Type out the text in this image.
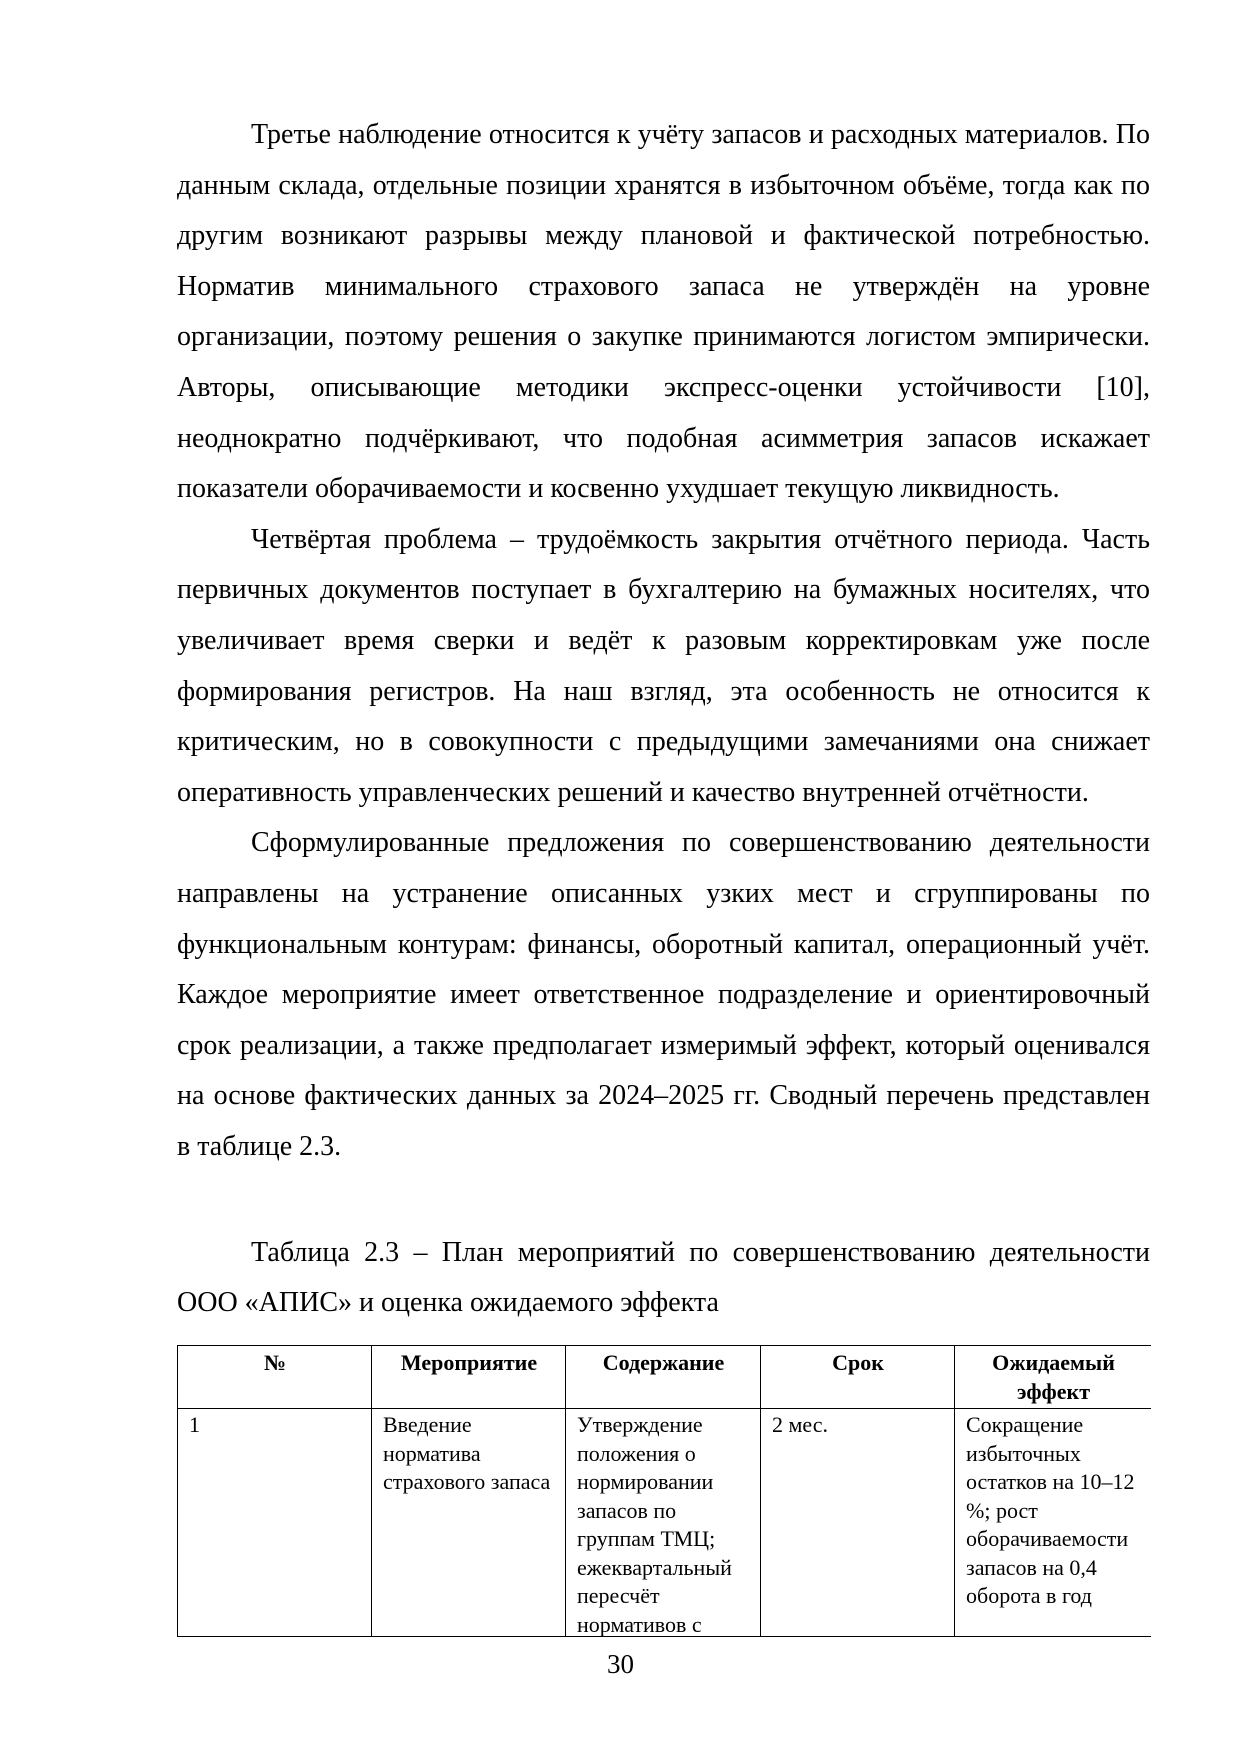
Третье наблюдение относится к учёту запасов и расходных материалов. По данным склада, отдельные позиции хранятся в избыточном объёме, тогда как по другим возникают разрывы между плановой и фактической потребностью. Норматив минимального страхового запаса не утверждён на уровне организации, поэтому решения о закупке принимаются логистом эмпирически. Авторы, описывающие методики экспресс-оценки устойчивости [10], неоднократно подчёркивают, что подобная асимметрия запасов искажает показатели оборачиваемости и косвенно ухудшает текущую ликвидность.

Четвёртая проблема – трудоёмкость закрытия отчётного периода. Часть первичных документов поступает в бухгалтерию на бумажных носителях, что увеличивает время сверки и ведёт к разовым корректировкам уже после формирования регистров. На наш взгляд, эта особенность не относится к критическим, но в совокупности с предыдущими замечаниями она снижает оперативность управленческих решений и качество внутренней отчётности.

Сформулированные предложения по совершенствованию деятельности направлены на устранение описанных узких мест и сгруппированы по функциональным контурам: финансы, оборотный капитал, операционный учёт. Каждое мероприятие имеет ответственное подразделение и ориентировочный срок реализации, а также предполагает измеримый эффект, который оценивался на основе фактических данных за 2024–2025 гг. Сводный перечень представлен в таблице 2.3.

Таблица 2.3 – План мероприятий по совершенствованию деятельности ООО «АПИС» и оценка ожидаемого эффекта

№	Мероприятие	Содержание	Срок	Ожидаемый эффект
1	Введение норматива страхового запаса	Утверждение положения о нормировании запасов по группам ТМЦ; ежеквартальный пересчёт нормативов с	2 мес.	Сокращение избыточных остатков на 10–12 %; рост оборачиваемости запасов на 0,4 оборота в год
30
